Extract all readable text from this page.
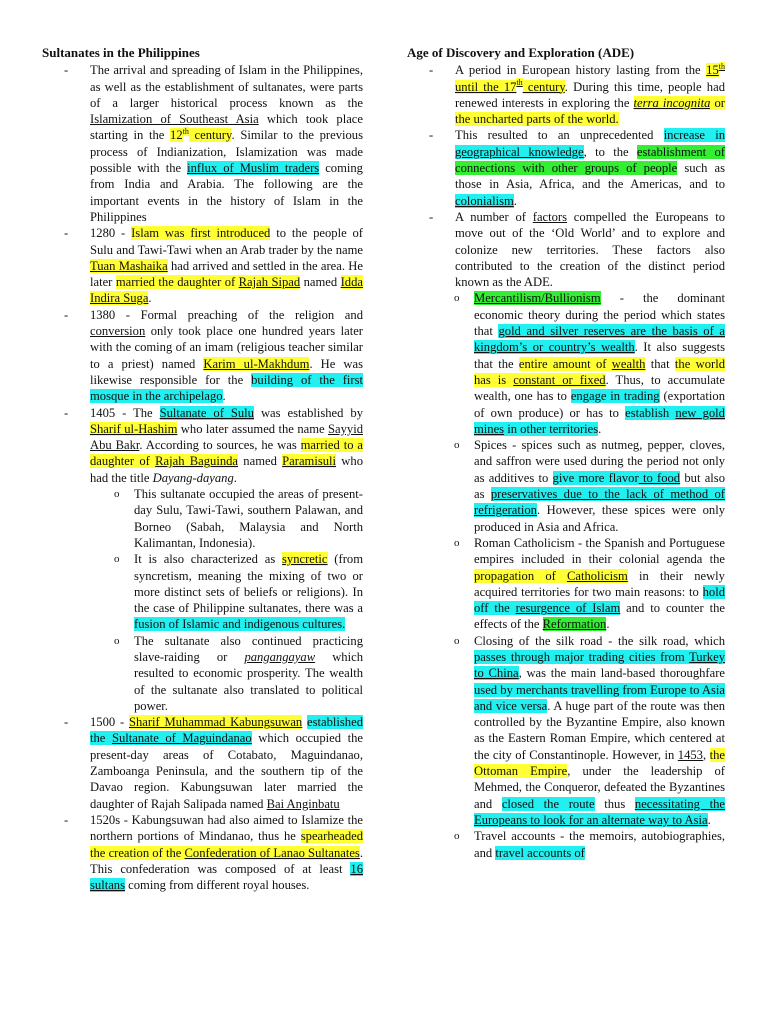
Sultanates in the Philippines
- The arrival and spreading of Islam in the Philippines, as well as the establishment of sultanates, were parts of a larger historical process known as the Islamization of Southeast Asia which took place starting in the 12th century. Similar to the previous process of Indianization, Islamization was made possible with the influx of Muslim traders coming from India and Arabia. The following are the important events in the history of Islam in the Philippines
- 1280 - Islam was first introduced to the people of Sulu and Tawi-Tawi when an Arab trader by the name Tuan Mashaika had arrived and settled in the area. He later married the daughter of Rajah Sipad named Idda Indira Suga.
- 1380 - Formal preaching of the religion and conversion only took place one hundred years later with the coming of an imam (religious teacher similar to a priest) named Karim ul-Makhdum. He was likewise responsible for the building of the first mosque in the archipelago.
- 1405 - The Sultanate of Sulu was established by Sharif ul-Hashim who later assumed the name Sayyid Abu Bakr. According to sources, he was married to a daughter of Rajah Baguinda named Paramisuli who had the title Dayang-dayang.
o This sultanate occupied the areas of present-day Sulu, Tawi-Tawi, southern Palawan, and Borneo (Sabah, Malaysia and North Kalimantan, Indonesia).
o It is also characterized as syncretic (from syncretism, meaning the mixing of two or more distinct sets of beliefs or religions). In the case of Philippine sultanates, there was a fusion of Islamic and indigenous cultures.
o The sultanate also continued practicing slave-raiding or pangangayaw which resulted to economic prosperity. The wealth of the sultanate also translated to political power.
- 1500 - Sharif Muhammad Kabungsuwan established the Sultanate of Maguindanao which occupied the present-day areas of Cotabato, Maguindanao, Zamboanga Peninsula, and the southern tip of the Davao region. Kabungsuwan later married the daughter of Rajah Salipada named Bai Anginbatu
- 1520s - Kabungsuwan had also aimed to Islamize the northern portions of Mindanao, thus he spearheaded the creation of the Confederation of Lanao Sultanates. This confederation was composed of at least 16 sultans coming from different royal houses.
Age of Discovery and Exploration (ADE)
- A period in European history lasting from the 15th until the 17th century. During this time, people had renewed interests in exploring the terra incognita or the uncharted parts of the world.
- This resulted to an unprecedented increase in geographical knowledge, to the establishment of connections with other groups of people such as those in Asia, Africa, and the Americas, and to colonialism.
- A number of factors compelled the Europeans to move out of the ‘Old World’ and to explore and colonize new territories. These factors also contributed to the creation of the distinct period known as the ADE.
o Mercantilism/Bullionism - the dominant economic theory during the period which states that gold and silver reserves are the basis of a kingdom’s or country’s wealth. It also suggests that the entire amount of wealth that the world has is constant or fixed. Thus, to accumulate wealth, one has to engage in trading (exportation of own produce) or has to establish new gold mines in other territories.
o Spices - spices such as nutmeg, pepper, cloves, and saffron were used during the period not only as additives to give more flavor to food but also as preservatives due to the lack of method of refrigeration. However, these spices were only produced in Asia and Africa.
o Roman Catholicism - the Spanish and Portuguese empires included in their colonial agenda the propagation of Catholicism in their newly acquired territories for two main reasons: to hold off the resurgence of Islam and to counter the effects of the Reformation.
o Closing of the silk road - the silk road, which passes through major trading cities from Turkey to China, was the main land-based thoroughfare used by merchants travelling from Europe to Asia and vice versa. A huge part of the route was then controlled by the Byzantine Empire, also known as the Eastern Roman Empire, which centered at the city of Constantinople. However, in 1453, the Ottoman Empire, under the leadership of Mehmed, the Conqueror, defeated the Byzantines and closed the route thus necessitating the Europeans to look for an alternate way to Asia.
o Travel accounts - the memoirs, autobiographies, and travel accounts of
